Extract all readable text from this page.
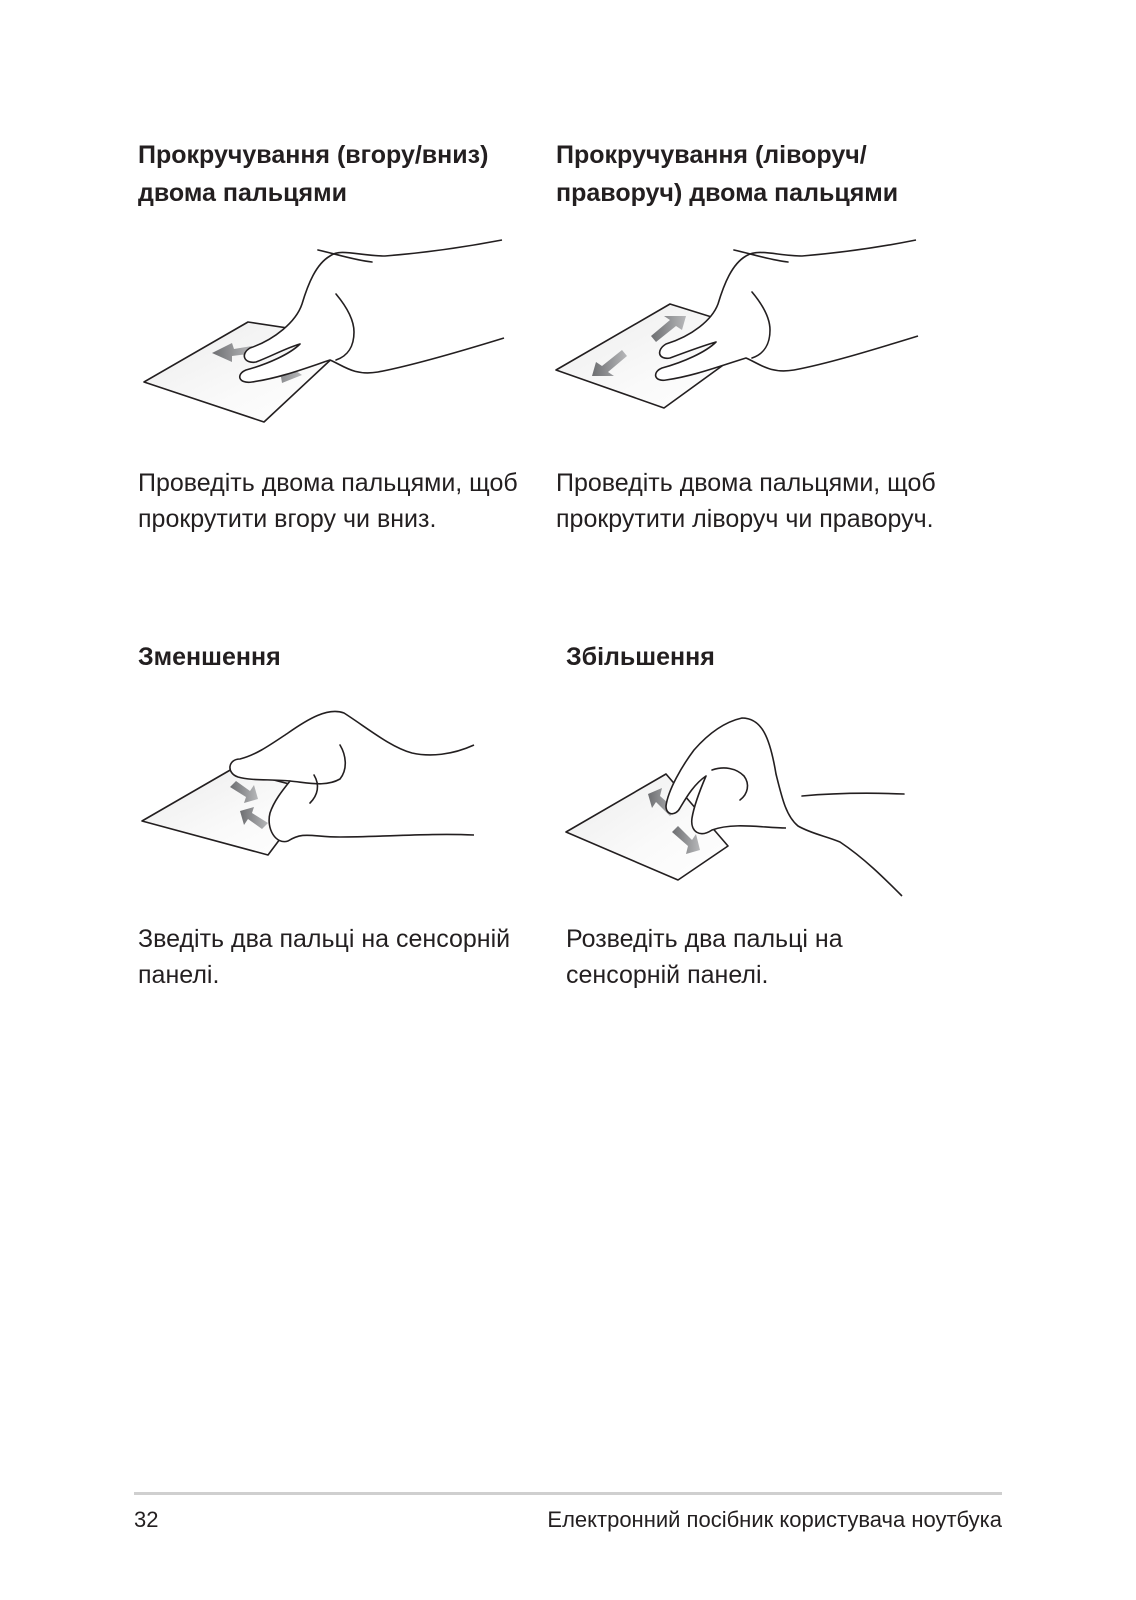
Прокручування (вгору/вниз)
двома пальцями
Проведіть двома пальцями, щоб
прокрутити вгору чи вниз.
Прокручування (ліворуч/
праворуч) двома пальцями
Проведіть двома пальцями, щоб
прокрутити ліворуч чи праворуч.
Зменшення
Зведіть два пальці на сенсорній
панелі.
Збільшення
Розведіть два пальці на
сенсорній панелі.
32	Електронний посібник користувача ноутбука
